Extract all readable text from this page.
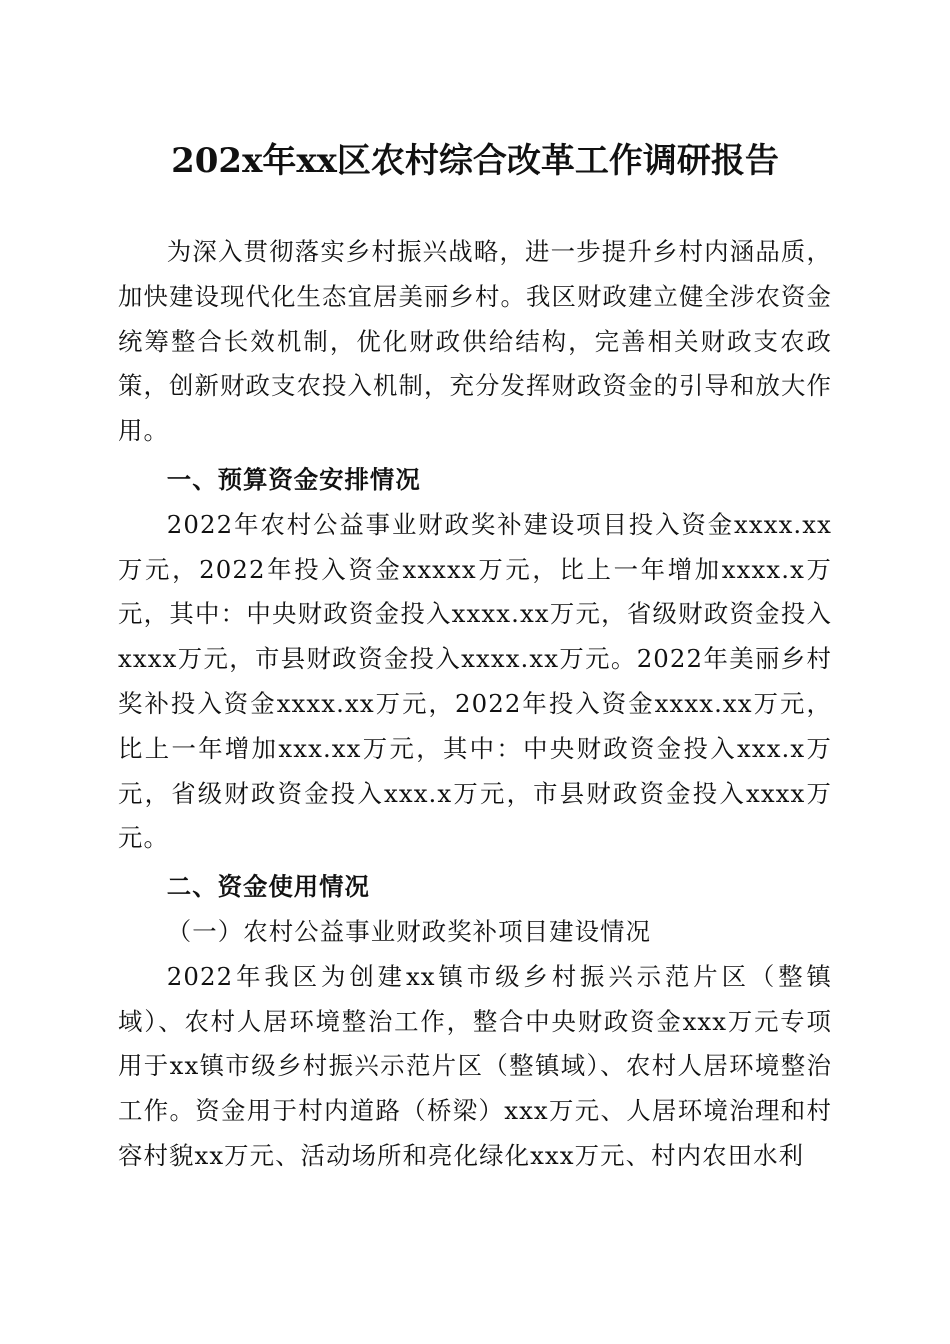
202x年xx区农村综合改革工作调研报告

为深入贯彻落实乡村振兴战略，进一步提升乡村内涵品质，加快建设现代化生态宜居美丽乡村。我区财政建立健全涉农资金统筹整合长效机制，优化财政供给结构，完善相关财政支农政策，创新财政支农投入机制，充分发挥财政资金的引导和放大作用。

一、预算资金安排情况

2022年农村公益事业财政奖补建设项目投入资金xxxx.xx万元，2022年投入资金xxxxx万元，比上一年增加xxxx.x万元，其中：中央财政资金投入xxxx.xx万元，省级财政资金投入xxxx万元，市县财政资金投入xxxx.xx万元。2022年美丽乡村奖补投入资金xxxx.xx万元，2022年投入资金xxxx.xx万元，比上一年增加xxx.xx万元，其中：中央财政资金投入xxx.x万元，省级财政资金投入xxx.x万元，市县财政资金投入xxxx万元。

二、资金使用情况

（一）农村公益事业财政奖补项目建设情况

2022年我区为创建xx镇市级乡村振兴示范片区（整镇域）、农村人居环境整治工作，整合中央财政资金xxx万元专项用于xx镇市级乡村振兴示范片区（整镇域）、农村人居环境整治工作。资金用于村内道路（桥梁）xxx万元、人居环境治理和村容村貌xx万元、活动场所和亮化绿化xxx万元、村内农田水利
